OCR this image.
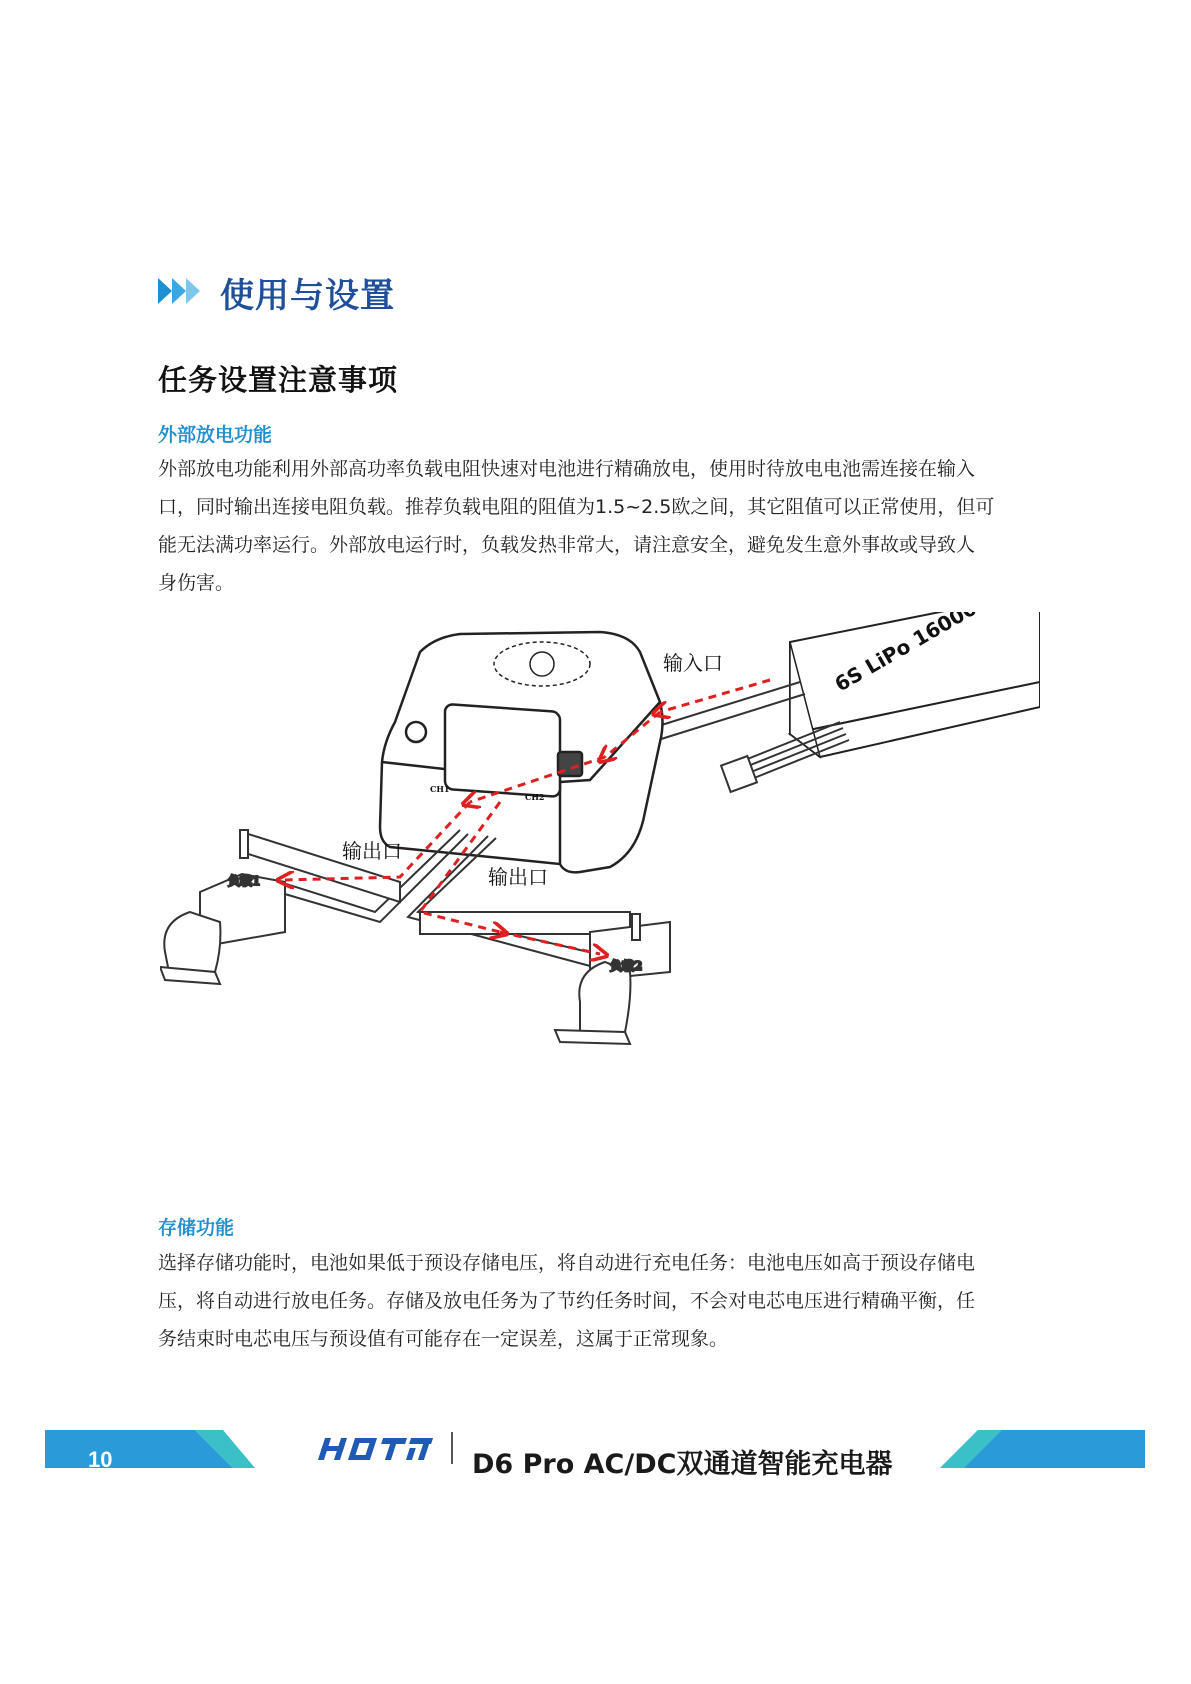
使用与设置
任务设置注意事项
外部放电功能
外部放电功能利用外部高功率负载电阻快速对电池进行精确放电，使用时待放电电池需连接在输入
口，同时输出连接电阻负载。推荐负载电阻的阻值为1.5~2.5欧之间，其它阻值可以正常使用，但可
能无法满功率运行。外部放电运行时，负载发热非常大，请注意安全，避免发生意外事故或导致人
身伤害。
负载1
负载2
输入口
输出口
输出口
CH1
CH2
存储功能
选择存储功能时，电池如果低于预设存储电压，将自动进行充电任务：电池电压如高于预设存储电
压，将自动进行放电任务。存储及放电任务为了节约任务时间，不会对电芯电压进行精确平衡，任
务结束时电芯电压与预设值有可能存在一定误差，这属于正常现象。
10	D6 Pro AC/DC双通道智能充电器
